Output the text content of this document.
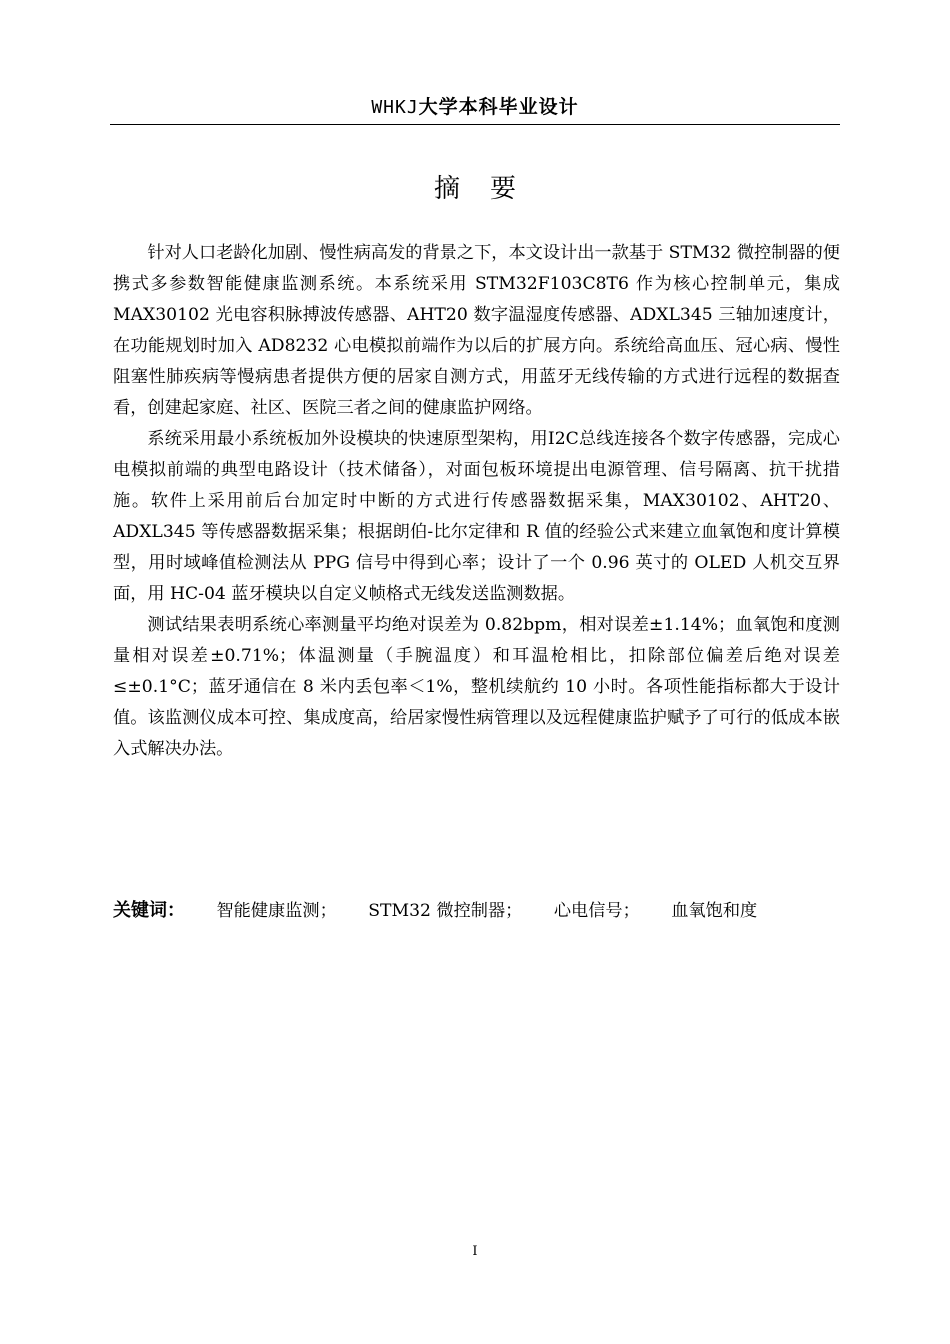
WHKJ大学本科毕业设计
摘要

针对人口老龄化加剧、慢性病高发的背景之下，本文设计出一款基于 STM32 微控制器的便携式多参数智能健康监测系统。本系统采用 STM32F103C8T6 作为核心控制单元，集成 MAX30102 光电容积脉搏波传感器、AHT20 数字温湿度传感器、ADXL345 三轴加速度计，在功能规划时加入 AD8232 心电模拟前端作为以后的扩展方向。系统给高血压、冠心病、慢性阻塞性肺疾病等慢病患者提供方便的居家自测方式，用蓝牙无线传输的方式进行远程的数据查看，创建起家庭、社区、医院三者之间的健康监护网络。

系统采用最小系统板加外设模块的快速原型架构，用I2C总线连接各个数字传感器，完成心电模拟前端的典型电路设计（技术储备），对面包板环境提出电源管理、信号隔离、抗干扰措施。软件上采用前后台加定时中断的方式进行传感器数据采集，MAX30102、AHT20、ADXL345 等传感器数据采集；根据朗伯-比尔定律和 R 值的经验公式来建立血氧饱和度计算模型，用时域峰值检测法从 PPG 信号中得到心率；设计了一个 0.96 英寸的 OLED 人机交互界面，用 HC-04 蓝牙模块以自定义帧格式无线发送监测数据。

测试结果表明系统心率测量平均绝对误差为 0.82bpm，相对误差±1.14%；血氧饱和度测量相对误差±0.71%；体温测量（手腕温度）和耳温枪相比，扣除部位偏差后绝对误差≤±0.1°C；蓝牙通信在 8 米内丢包率＜1%，整机续航约 10 小时。各项性能指标都大于设计值。该监测仪成本可控、集成度高，给居家慢性病管理以及远程健康监护赋予了可行的低成本嵌入式解决办法。

关键词： 智能健康监测； STM32 微控制器； 心电信号； 血氧饱和度
I
